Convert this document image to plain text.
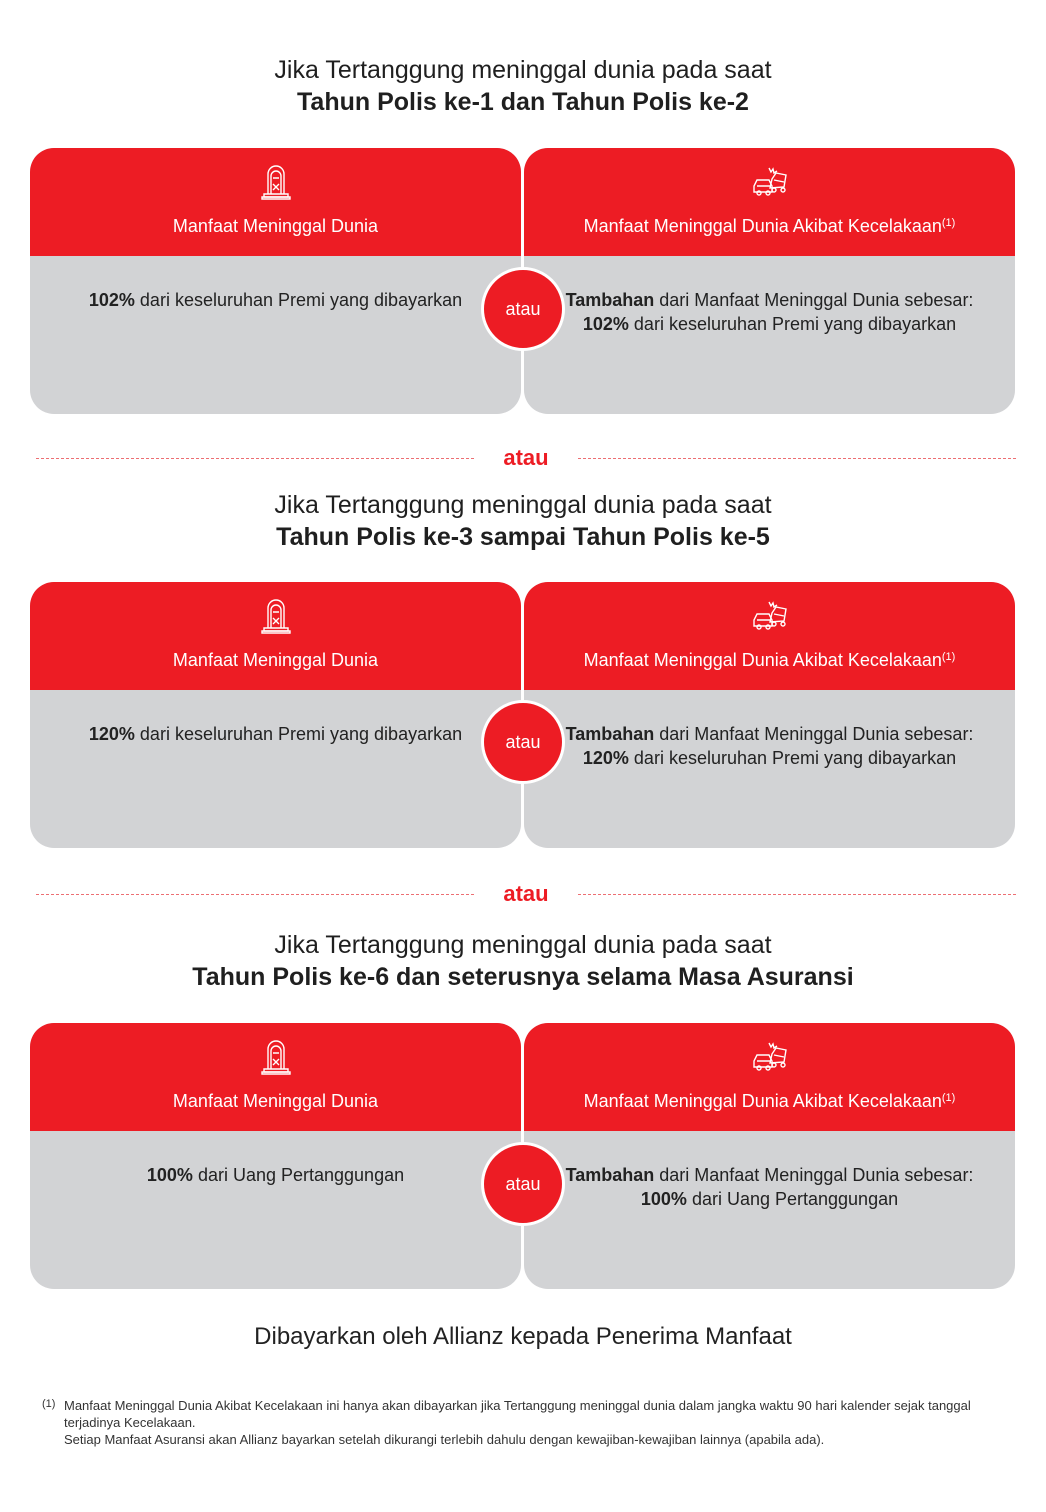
Jika Tertanggung meninggal dunia pada saat
Tahun Polis ke-1 dan Tahun Polis ke-2
Manfaat Meninggal Dunia
102% dari keseluruhan Premi yang dibayarkan
Manfaat Meninggal Dunia Akibat Kecelakaan$^{(1)}$
Tambahan dari Manfaat Meninggal Dunia sebesar: 102% dari keseluruhan Premi yang dibayarkan
atau
atau
Jika Tertanggung meninggal dunia pada saat
Tahun Polis ke-3 sampai Tahun Polis ke-5
Manfaat Meninggal Dunia
120% dari keseluruhan Premi yang dibayarkan
Manfaat Meninggal Dunia Akibat Kecelakaan$^{(1)}$
Tambahan dari Manfaat Meninggal Dunia sebesar: 120% dari keseluruhan Premi yang dibayarkan
atau
atau
Jika Tertanggung meninggal dunia pada saat
Tahun Polis ke-6 dan seterusnya selama Masa Asuransi
Manfaat Meninggal Dunia
100% dari Uang Pertanggungan
Manfaat Meninggal Dunia Akibat Kecelakaan$^{(1)}$
Tambahan dari Manfaat Meninggal Dunia sebesar: 100% dari Uang Pertanggungan
atau
Dibayarkan oleh Allianz kepada Penerima Manfaat
(1) Manfaat Meninggal Dunia Akibat Kecelakaan ini hanya akan dibayarkan jika Tertanggung meninggal dunia dalam jangka waktu 90 hari kalender sejak tanggal terjadinya Kecelakaan.
Setiap Manfaat Asuransi akan Allianz bayarkan setelah dikurangi terlebih dahulu dengan kewajiban-kewajiban lainnya (apabila ada).
